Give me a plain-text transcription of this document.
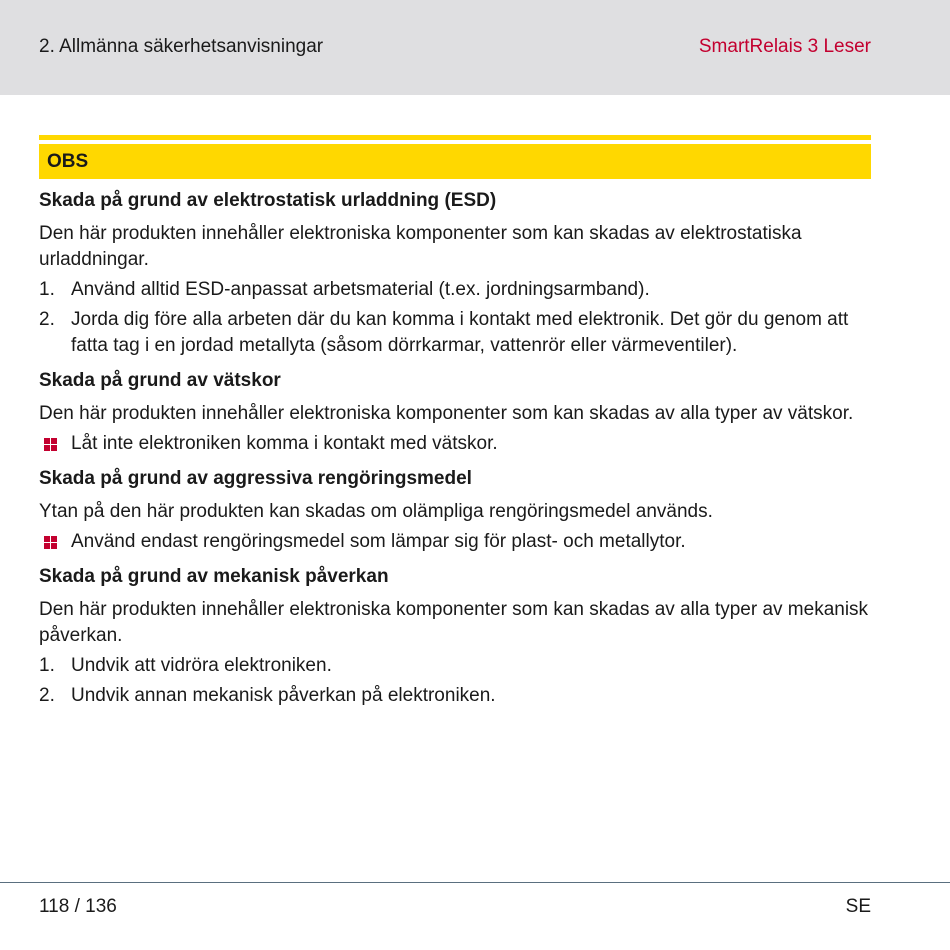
2. Allmänna säkerhetsanvisningar	SmartRelais 3 Leser
OBS
Skada på grund av elektrostatisk urladdning (ESD)

Den här produkten innehåller elektroniska komponenter som kan skadas av elektrostatiska urladdningar.

1. Använd alltid ESD-anpassat arbetsmaterial (t.ex. jordningsarmband).
2. Jorda dig före alla arbeten där du kan komma i kontakt med elektronik. Det gör du genom att fatta tag i en jordad metallyta (såsom dörrkarmar, vattenrör eller värmeventiler).
Skada på grund av vätskor

Den här produkten innehåller elektroniska komponenter som kan skadas av alla typer av vätskor.

Låt inte elektroniken komma i kontakt med vätskor.
Skada på grund av aggressiva rengöringsmedel

Ytan på den här produkten kan skadas om olämpliga rengöringsmedel används.

Använd endast rengöringsmedel som lämpar sig för plast- och metallytor.
Skada på grund av mekanisk påverkan

Den här produkten innehåller elektroniska komponenter som kan skadas av alla typer av mekanisk påverkan.

1. Undvik att vidröra elektroniken.
2. Undvik annan mekanisk påverkan på elektroniken.
118 / 136	SE
